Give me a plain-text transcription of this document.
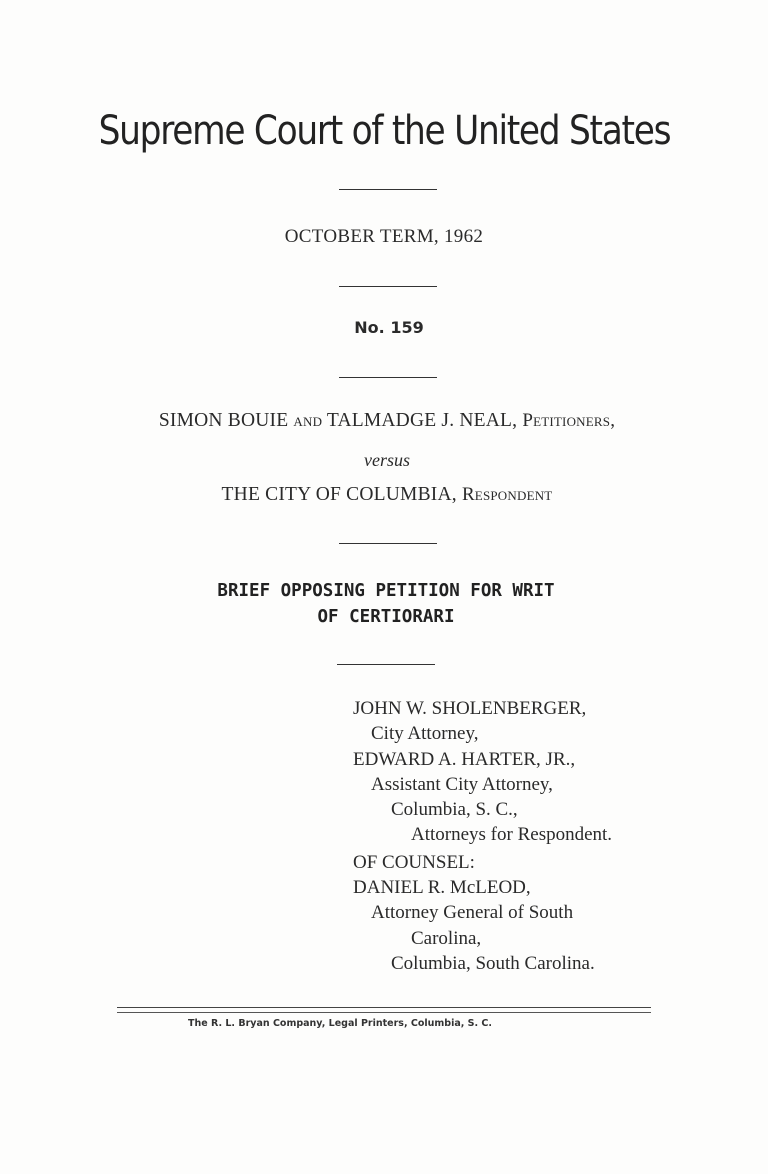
Supreme Court of the United States

OCTOBER TERM, 1962

No. 159

SIMON BOUIE and TALMADGE J. NEAL, Petitioners,

versus

THE CITY OF COLUMBIA, Respondent

BRIEF OPPOSING PETITION FOR WRIT
OF CERTIORARI

JOHN W. SHOLENBERGER,
City Attorney,
EDWARD A. HARTER, JR.,
Assistant City Attorney,
Columbia, S. C.,
Attorneys for Respondent.
OF COUNSEL:
DANIEL R. McLEOD,
Attorney General of South
Carolina,
Columbia, South Carolina.

The R. L. Bryan Company, Legal Printers, Columbia, S. C.
